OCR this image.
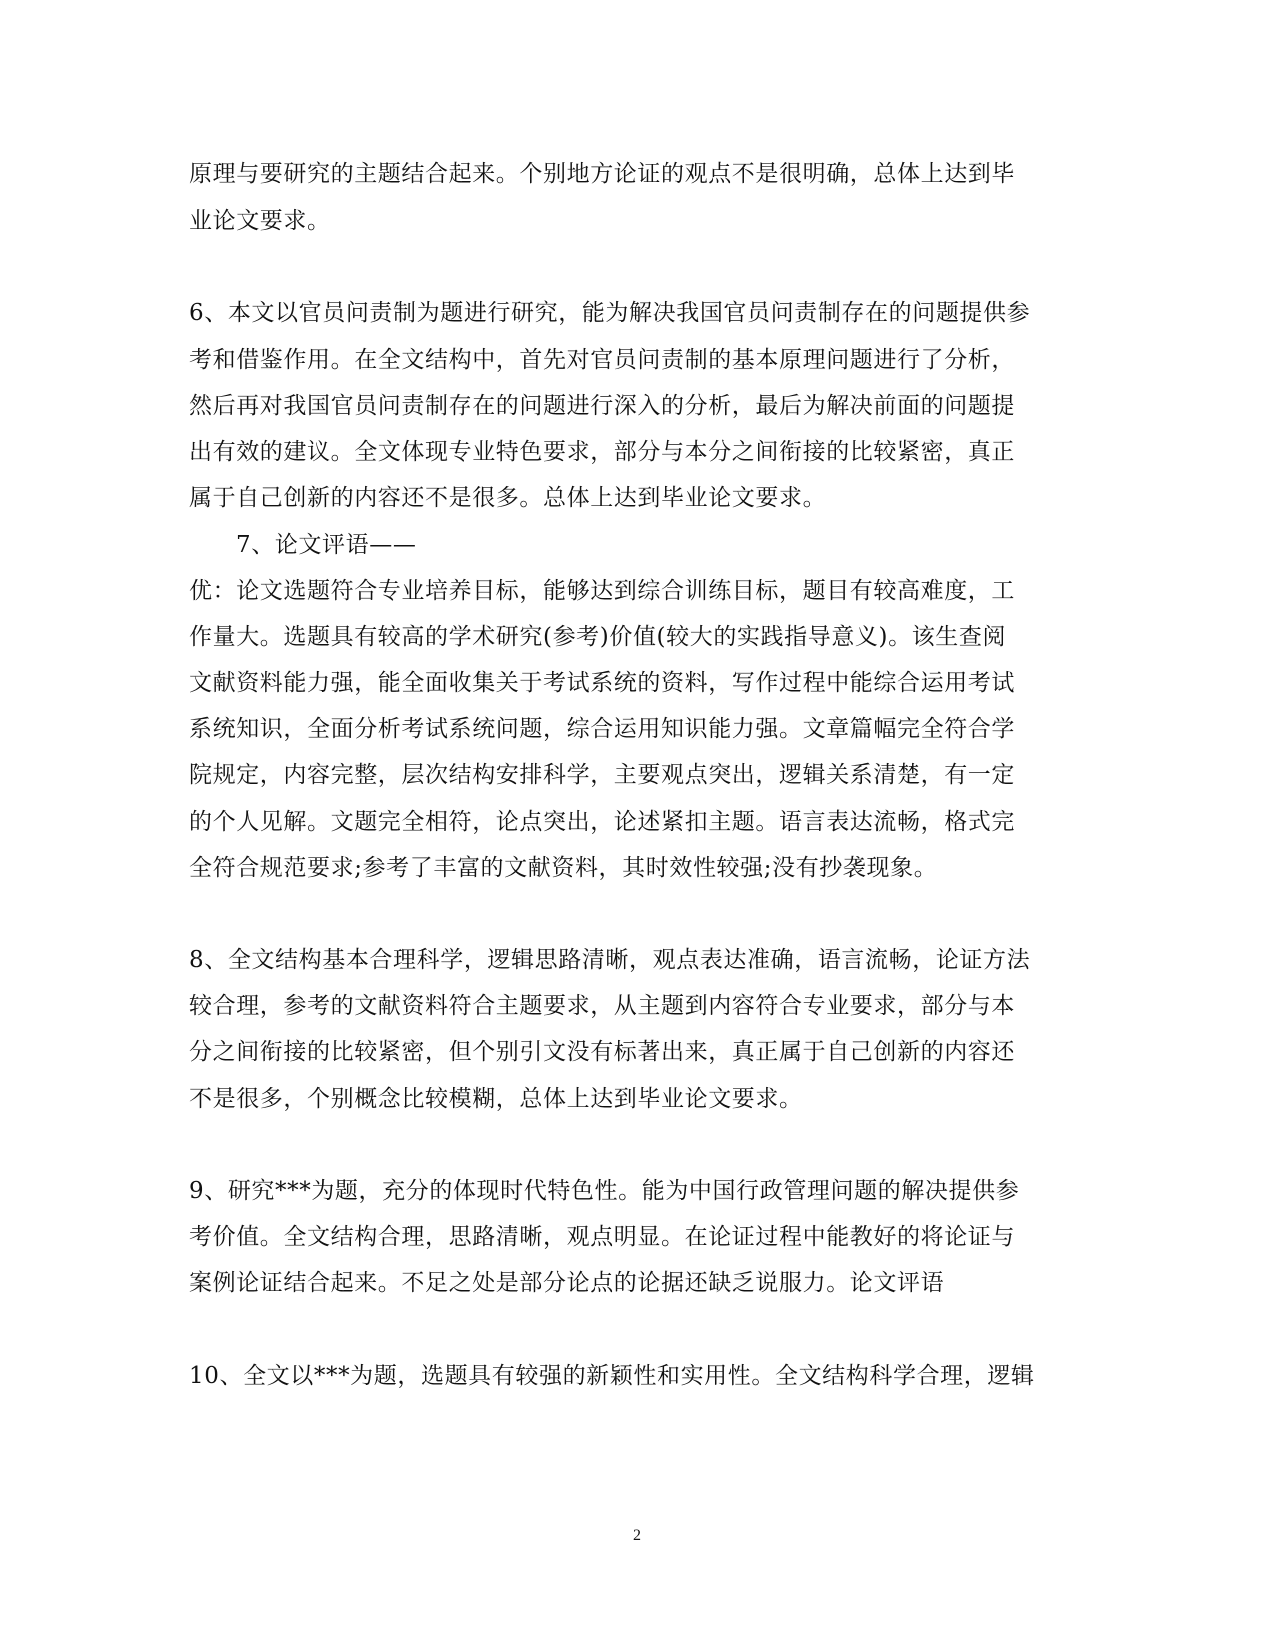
原理与要研究的主题结合起来。个别地方论证的观点不是很明确，总体上达到毕
业论文要求。
6、本文以官员问责制为题进行研究，能为解决我国官员问责制存在的问题提供参
考和借鉴作用。在全文结构中，首先对官员问责制的基本原理问题进行了分析，
然后再对我国官员问责制存在的问题进行深入的分析，最后为解决前面的问题提
出有效的建议。全文体现专业特色要求，部分与本分之间衔接的比较紧密，真正
属于自己创新的内容还不是很多。总体上达到毕业论文要求。
7、论文评语——
优：论文选题符合专业培养目标，能够达到综合训练目标，题目有较高难度，工
作量大。选题具有较高的学术研究(参考)价值(较大的实践指导意义)。该生查阅
文献资料能力强，能全面收集关于考试系统的资料，写作过程中能综合运用考试
系统知识，全面分析考试系统问题，综合运用知识能力强。文章篇幅完全符合学
院规定，内容完整，层次结构安排科学，主要观点突出，逻辑关系清楚，有一定
的个人见解。文题完全相符，论点突出，论述紧扣主题。语言表达流畅，格式完
全符合规范要求;参考了丰富的文献资料，其时效性较强;没有抄袭现象。
8、全文结构基本合理科学，逻辑思路清晰，观点表达准确，语言流畅，论证方法
较合理，参考的文献资料符合主题要求，从主题到内容符合专业要求，部分与本
分之间衔接的比较紧密，但个别引文没有标著出来，真正属于自己创新的内容还
不是很多，个别概念比较模糊，总体上达到毕业论文要求。
9、研究***为题，充分的体现时代特色性。能为中国行政管理问题的解决提供参
考价值。全文结构合理，思路清晰，观点明显。在论证过程中能教好的将论证与
案例论证结合起来。不足之处是部分论点的论据还缺乏说服力。论文评语
10、全文以***为题，选题具有较强的新颖性和实用性。全文结构科学合理，逻辑
2
